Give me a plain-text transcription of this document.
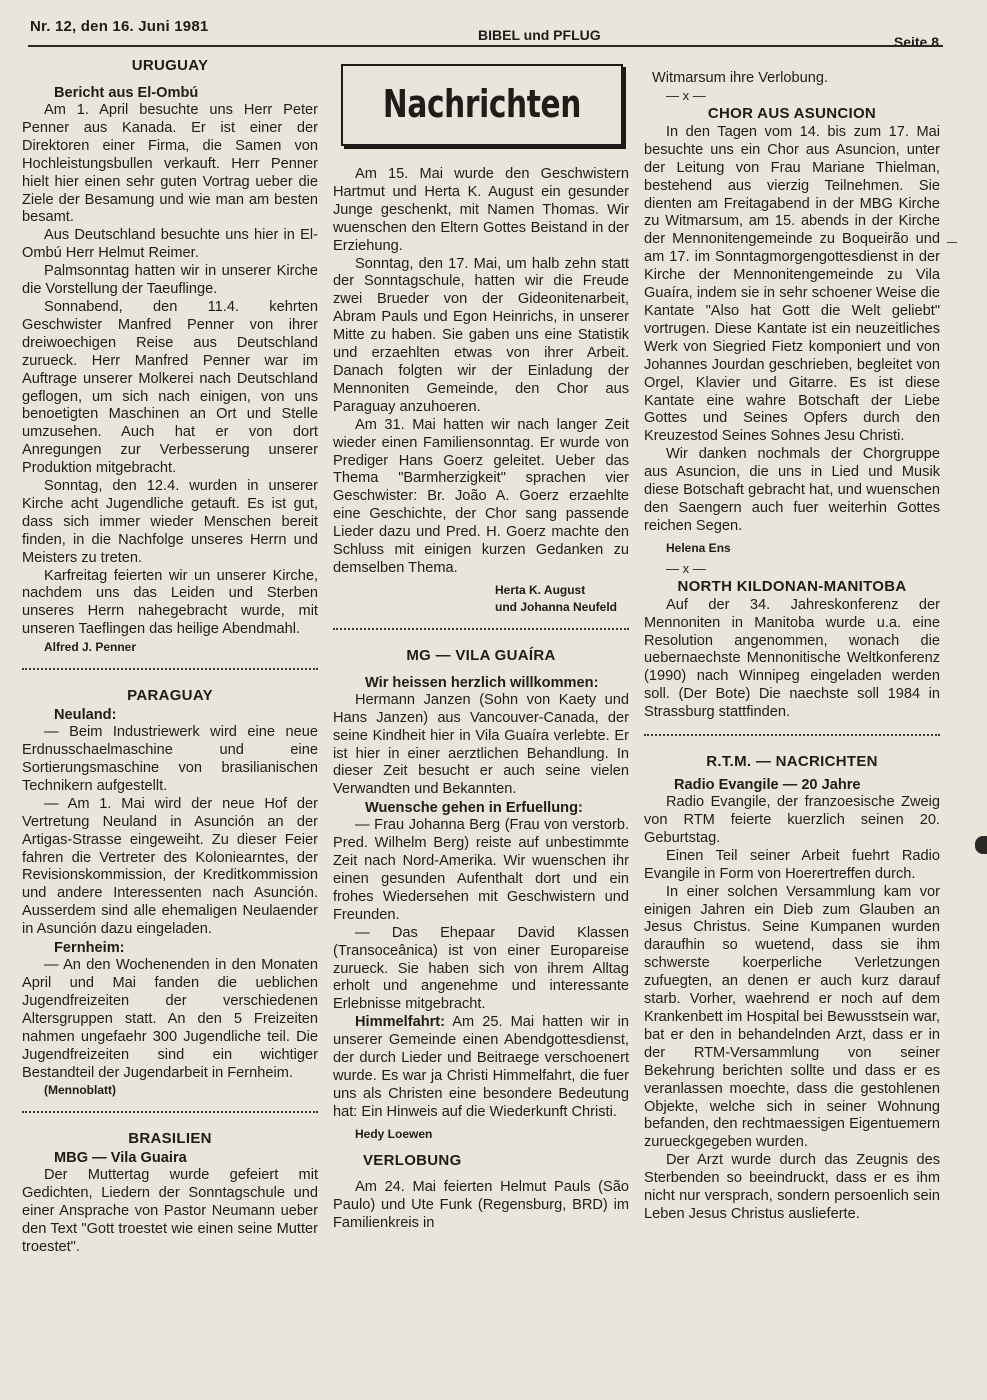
Nr. 12, den 16. Juni 1981	BIBEL und PFLUG	Seite 8
URUGUAY
Bericht aus El-Ombú

Am 1. April besuchte uns Herr Peter Penner aus Kanada. Er ist einer der Direktoren einer Firma, die Samen von Hochleistungsbullen verkauft. Herr Penner hielt hier einen sehr guten Vortrag ueber die Ziele der Besamung und wie man am besten besamt.

Aus Deutschland besuchte uns hier in El-Ombú Herr Helmut Reimer.

Palmsonntag hatten wir in unserer Kirche die Vorstellung der Taeuflinge.

Sonnabend, den 11.4. kehrten Geschwister Manfred Penner von ihrer dreiwoechigen Reise aus Deutschland zurueck. Herr Manfred Penner war im Auftrage unserer Molkerei nach Deutschland geflogen, um sich nach einigen, von uns benoetigten Maschinen an Ort und Stelle umzusehen. Auch hat er von dort Anregungen zur Verbesserung unserer Produktion mitgebracht.

Sonntag, den 12.4. wurden in unserer Kirche acht Jugendliche getauft. Es ist gut, dass sich immer wieder Menschen bereit finden, in die Nachfolge unseres Herrn und Meisters zu treten.

Karfreitag feierten wir un unserer Kirche, nachdem uns das Leiden und Sterben unseres Herrn nahegebracht wurde, mit unseren Taeflingen das heilige Abendmahl.

Alfred J. Penner

PARAGUAY
Neuland:

— Beim Industriewerk wird eine neue Erdnusschaelmaschine und eine Sortierungsmaschine von brasilianischen Technikern aufgestellt.

— Am 1. Mai wird der neue Hof der Vertretung Neuland in Asunción an der Artigas-Strasse eingeweiht. Zu dieser Feier fahren die Vertreter des Koloniearntes, der Revisionskommission, der Kreditkommission und andere Interessenten nach Asunción. Ausserdem sind alle ehemaligen Neulaender in Asunción dazu eingeladen.

Fernheim:

— An den Wochenenden in den Monaten April und Mai fanden die ueblichen Jugendfreizeiten der verschiedenen Altersgruppen statt. An den 5 Freizeiten nahmen ungefaehr 300 Jugendliche teil. Die Jugendfreizeiten sind ein wichtiger Bestandteil der Jugendarbeit in Fernheim.

(Mennoblatt)

BRASILIEN
MBG — Vila Guaira

Der Muttertag wurde gefeiert mit Gedichten, Liedern der Sonntagschule und einer Ansprache von Pastor Neumann ueber den Text "Gott troestet wie einen seine Mutter troestet".

Nachrichten

Am 15. Mai wurde den Geschwistern Hartmut und Herta K. August ein gesunder Junge geschenkt, mit Namen Thomas. Wir wuenschen den Eltern Gottes Beistand in der Erziehung.

Sonntag, den 17. Mai, um halb zehn statt der Sonntagschule, hatten wir die Freude zwei Brueder von der Gideonitenarbeit, Abram Pauls und Egon Heinrichs, in unserer Mitte zu haben. Sie gaben uns eine Statistik und erzaehlten etwas von ihrer Arbeit. Danach folgten wir der Einladung der Mennoniten Gemeinde, den Chor aus Paraguay anzuhoeren.

Am 31. Mai hatten wir nach langer Zeit wieder einen Familiensonntag. Er wurde von Prediger Hans Goerz geleitet. Ueber das Thema "Barmherzigkeit" sprachen vier Geschwister: Br. João A. Goerz erzaehlte eine Geschichte, der Chor sang passende Lieder dazu und Pred. H. Goerz machte den Schluss mit einigen kurzen Gedanken zu demselben Thema.

Herta K. August

und Johanna Neufeld

MG — VILA GUAÍRA
Wir heissen herzlich willkommen:

Hermann Janzen (Sohn von Kaety und Hans Janzen) aus Vancouver-Canada, der seine Kindheit hier in Vila Guaíra verlebte. Er ist hier in einer aerztlichen Behandlung. In dieser Zeit besucht er auch seine vielen Verwandten und Bekannten.

Wuensche gehen in Erfuellung:

— Frau Johanna Berg (Frau von verstorb. Pred. Wilhelm Berg) reiste auf unbestimmte Zeit nach Nord-Amerika. Wir wuenschen ihr einen gesunden Aufenthalt dort und ein frohes Wiedersehen mit Geschwistern und Freunden.

— Das Ehepaar David Klassen (Transoceânica) ist von einer Europareise zurueck. Sie haben sich von ihrem Alltag erholt und angenehme und interessante Erlebnisse mitgebracht.

Himmelfahrt: Am 25. Mai hatten wir in unserer Gemeinde einen Abendgottesdienst, der durch Lieder und Beitraege verschoenert wurde. Es war ja Christi Himmelfahrt, die fuer uns als Christen eine besondere Bedeutung hat: Ein Hinweis auf die Wiederkunft Christi.

Hedy Loewen

VERLOBUNG

Am 24. Mai feierten Helmut Pauls (São Paulo) und Ute Funk (Regensburg, BRD) im Familienkreis in

Witmarsum ihre Verlobung.

— x —

CHOR AUS ASUNCION

In den Tagen vom 14. bis zum 17. Mai besuchte uns ein Chor aus Asuncion, unter der Leitung von Frau Mariane Thielman, bestehend aus vierzig Teilnehmen. Sie dienten am Freitagabend in der MBG Kirche zu Witmarsum, am 15. abends in der Kirche der Mennonitengemeinde zu Boqueirão und am 17. im Sonntagmorgengottesdienst in der Kirche der Mennonitengemeinde zu Vila Guaíra, indem sie in sehr schoener Weise die Kantate "Also hat Gott die Welt geliebt" vortrugen. Diese Kantate ist ein neuzeitliches Werk von Siegried Fietz komponiert und von Johannes Jourdan geschrieben, begleitet von Orgel, Klavier und Gitarre. Es ist diese Kantate eine wahre Botschaft der Liebe Gottes und Seines Opfers durch den Kreuzestod Seines Sohnes Jesu Christi.

Wir danken nochmals der Chorgruppe aus Asuncion, die uns in Lied und Musik diese Botschaft gebracht hat, und wuenschen den Saengern auch fuer weiterhin Gottes reichen Segen.

Helena Ens

— x —

NORTH KILDONAN-MANITOBA

Auf der 34. Jahreskonferenz der Mennoniten in Manitoba wurde u.a. eine Resolution angenommen, wonach die uebernaechste Mennonitische Weltkonferenz (1990) nach Winnipeg eingeladen werden soll. (Der Bote) Die naechste soll 1984 in Strassburg stattfinden.

R.T.M. — NACRICHTEN
Radio Evangile — 20 Jahre

Radio Evangile, der franzoesische Zweig von RTM feierte kuerzlich seinen 20. Geburtstag.

Einen Teil seiner Arbeit fuehrt Radio Evangile in Form von Hoerertreffen durch.

In einer solchen Versammlung kam vor einigen Jahren ein Dieb zum Glauben an Jesus Christus. Seine Kumpanen wurden daraufhin so wuetend, dass sie ihm schwerste koerperliche Verletzungen zufuegten, an denen er auch kurz darauf starb. Vorher, waehrend er noch auf dem Krankenbett im Hospital bei Bewusstsein war, bat er den in behandelnden Arzt, dass er in der RTM-Versammlung von seiner Bekehrung berichten sollte und dass er es veranlassen moechte, dass die gestohlenen Objekte, welche sich in seiner Wohnung befanden, den rechtmaessigen Eigentuemern zurueckgegeben wurden.

Der Arzt wurde durch das Zeugnis des Sterbenden so beeindruckt, dass er es ihm nicht nur versprach, sondern persoenlich sein Leben Jesus Christus auslieferte.
